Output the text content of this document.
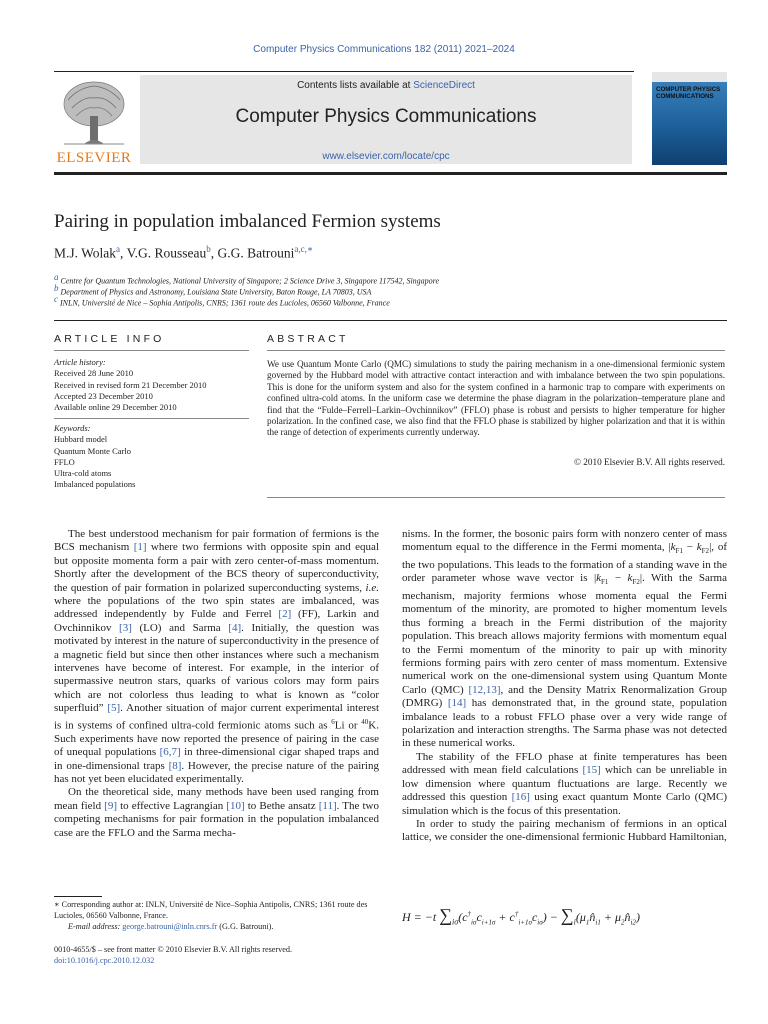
Computer Physics Communications 182 (2011) 2021–2024
ELSEVIER
Contents lists available at ScienceDirect
Computer Physics Communications
www.elsevier.com/locate/cpc
COMPUTER PHYSICS COMMUNICATIONS
Pairing in population imbalanced Fermion systems
M.J. Wolak$^a$, V.G. Rousseau$^b$, G.G. Batrouni$^{a,c,∗}$
$^a$ Centre for Quantum Technologies, National University of Singapore; 2 Science Drive 3, Singapore 117542, Singapore
$^b$ Department of Physics and Astronomy, Louisiana State University, Baton Rouge, LA 70803, USA
$^c$ INLN, Université de Nice – Sophia Antipolis, CNRS; 1361 route des Lucioles, 06560 Valbonne, France
ARTICLE INFO
Article history:
Received 28 June 2010
Received in revised form 21 December 2010
Accepted 23 December 2010
Available online 29 December 2010
Keywords:
Hubbard model
Quantum Monte Carlo
FFLO
Ultra-cold atoms
Imbalanced populations
ABSTRACT
We use Quantum Monte Carlo (QMC) simulations to study the pairing mechanism in a one-dimensional fermionic system governed by the Hubbard model with attractive contact interaction and with imbalance between the two spin populations. This is done for the uniform system and also for the system confined in a harmonic trap to compare with experiments on confined ultra-cold atoms. In the uniform case we determine the phase diagram in the polarization–temperature plane and find that the “Fulde–Ferrell–Larkin–Ovchinnikov” (FFLO) phase is robust and persists to higher temperature for higher polarization. In the confined case, we also find that the FFLO phase is stabilized by higher polarization and that it is within the range of detection of experiments currently underway.
© 2010 Elsevier B.V. All rights reserved.

The best understood mechanism for pair formation of fermions is the BCS mechanism [1] where two fermions with opposite spin and equal but opposite momenta form a pair with zero center-of-mass momentum. Shortly after the development of the BCS theory of superconductivity, the question of pair formation in polarized superconducting systems, i.e. where the populations of the two spin states are imbalanced, was addressed independently by Fulde and Ferrel [2] (FF), Larkin and Ovchinnikov [3] (LO) and Sarma [4]. Initially, the question was motivated by interest in the nature of superconductivity in the presence of a magnetic field but since then other instances where such a mechanism intervenes have become of interest. For example, in the interior of supermassive neutron stars, quarks of various colors may form pairs which are not colorless thus leading to what is known as “color superfluid” [5]. Another situation of major current experimental interest is in systems of confined ultra-cold fermionic atoms such as $^6$Li or $^{40}$K. Such experiments have now reported the presence of pairing in the case of unequal populations [6,7] in three-dimensional cigar shaped traps and in one-dimensional traps [8]. However, the precise nature of the pairing has not yet been elucidated experimentally.

On the theoretical side, many methods have been used ranging from mean field [9] to effective Lagrangian [10] to Bethe ansatz [11]. The two competing mechanisms for pair formation in the population imbalanced case are the FFLO and the Sarma mecha-

nisms. In the former, the bosonic pairs form with nonzero center of mass momentum equal to the difference in the Fermi momenta, $|k_{F1} - k_{F2}|$, of the two populations. This leads to the formation of a standing wave in the order parameter whose wave vector is $|k_{F1} - k_{F2}|$. With the Sarma mechanism, majority fermions whose momenta equal the Fermi momentum of the minority, are promoted to higher momentum levels thus forming a breach in the Fermi distribution of the majority population. This breach allows majority fermions with momentum equal to the Fermi momentum of the minority to pair up with minority fermions forming pairs with zero center of mass momentum. Extensive numerical work on the one-dimensional system using Quantum Monte Carlo (QMC) [12,13], and the Density Matrix Renormalization Group (DMRG) [14] has demonstrated that, in the ground state, population imbalance leads to a robust FFLO phase over a very wide range of polarization and interaction strengths. The Sarma phase was not detected in these numerical works.

The stability of the FFLO phase at finite temperatures has been addressed with mean field calculations [15] which can be unreliable in low dimension where quantum fluctuations are large. Recently we addressed this question [16] using exact quantum Monte Carlo (QMC) simulation which is the focus of this presentation.

In order to study the pairing mechanism of fermions in an optical lattice, we consider the one-dimensional fermionic Hubbard Hamiltonian,

H = −t $\sum_{i\sigma}(c^\dagger_{i\sigma}c_{i+1\sigma} + c^\dagger_{i+1\sigma}c_{i\sigma})$ − $\sum_i(\mu_1n̂_{i1}$ + $\mu_2n̂_{i2}$)
∗ Corresponding author at: INLN, Université de Nice–Sophia Antipolis, CNRS; 1361 route des Lucioles, 06560 Valbonne, France.
E-mail address: george.batrouni@inln.cnrs.fr (G.G. Batrouni).
0010-4655/$ – see front matter © 2010 Elsevier B.V. All rights reserved.
doi:10.1016/j.cpc.2010.12.032
